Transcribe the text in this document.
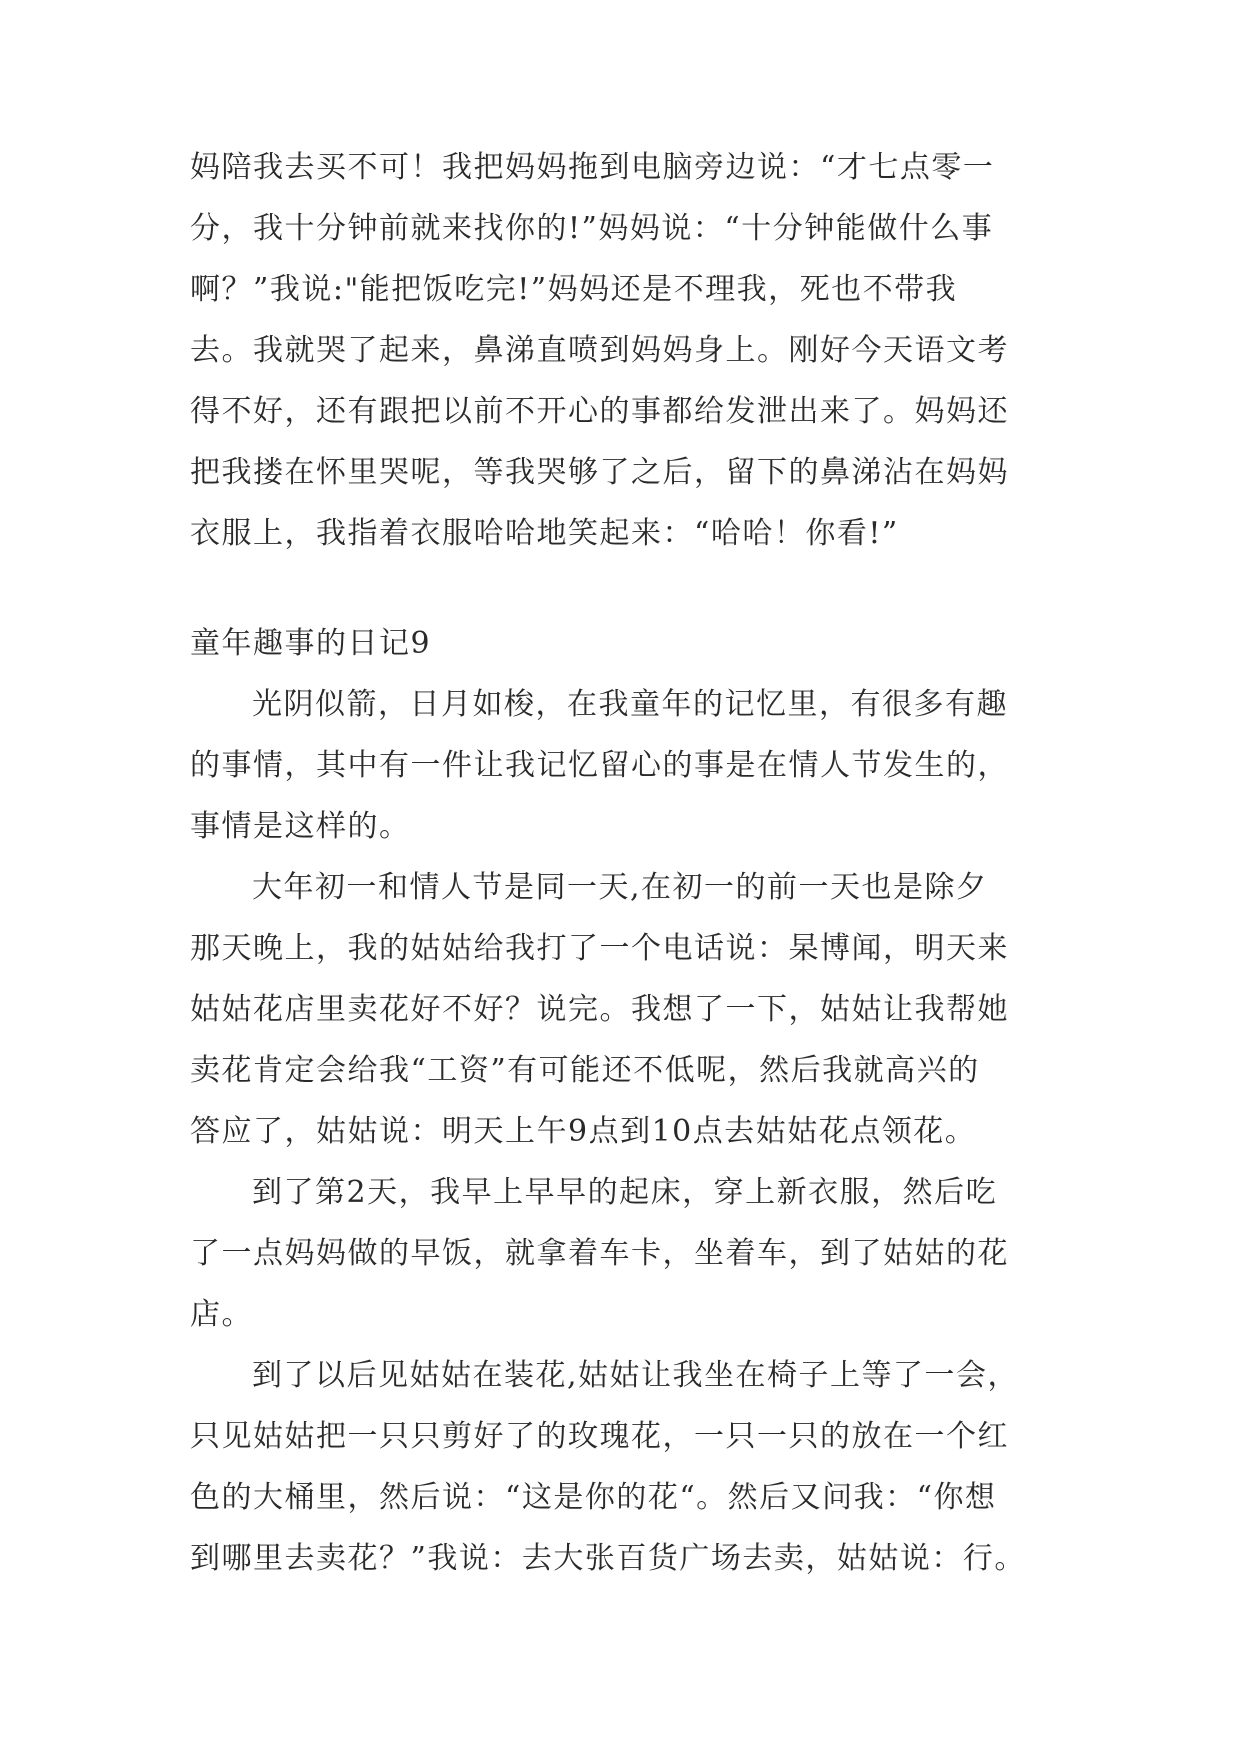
妈陪我去买不可！我把妈妈拖到电脑旁边说：“才七点零一
分，我十分钟前就来找你的!”妈妈说：“十分钟能做什么事
啊？”我说:"能把饭吃完!”妈妈还是不理我，死也不带我
去。我就哭了起来，鼻涕直喷到妈妈身上。刚好今天语文考
得不好，还有跟把以前不开心的事都给发泄出来了。妈妈还
把我搂在怀里哭呢，等我哭够了之后，留下的鼻涕沾在妈妈
衣服上，我指着衣服哈哈地笑起来：“哈哈！你看!”
童年趣事的日记9
光阴似箭，日月如梭，在我童年的记忆里，有很多有趣
的事情，其中有一件让我记忆留心的事是在情人节发生的，
事情是这样的。
大年初一和情人节是同一天,在初一的前一天也是除夕
那天晚上，我的姑姑给我打了一个电话说：杲博闻，明天来
姑姑花店里卖花好不好？说完。我想了一下，姑姑让我帮她
卖花肯定会给我“工资”有可能还不低呢，然后我就高兴的
答应了，姑姑说：明天上午9点到10点去姑姑花点领花。
到了第2天，我早上早早的起床，穿上新衣服，然后吃
了一点妈妈做的早饭，就拿着车卡，坐着车，到了姑姑的花
店。
到了以后见姑姑在装花,姑姑让我坐在椅子上等了一会，
只见姑姑把一只只剪好了的玫瑰花，一只一只的放在一个红
色的大桶里，然后说：“这是你的花“。然后又问我：“你想
到哪里去卖花？”我说：去大张百货广场去卖，姑姑说：行。
